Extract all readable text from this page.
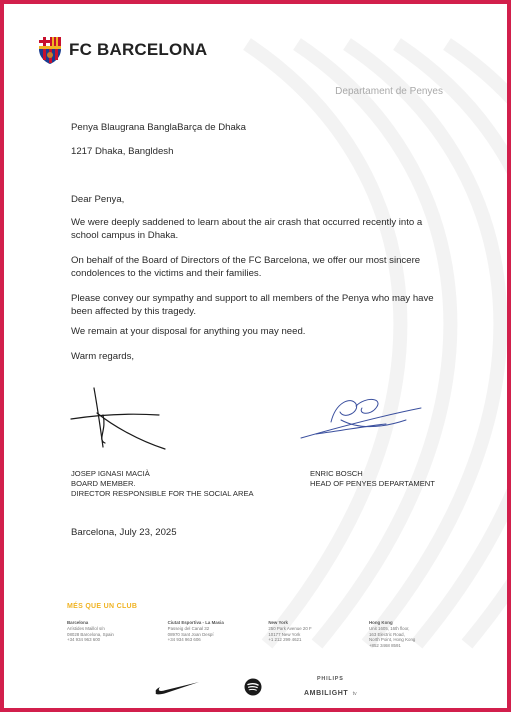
FC BARCELONA
Departament de Penyes
Penya Blaugrana BanglaBarça de Dhaka
1217 Dhaka, Bangldesh
Dear Penya,
We were deeply saddened to learn about the air crash that occurred recently into a school campus in Dhaka.
On behalf of the Board of Directors of the FC Barcelona, we offer our most sincere condolences to the victims and their families.
Please convey our sympathy and support to all members of the Penya who may have been affected by this tragedy.
We remain at your disposal for anything you may need.
Warm regards,
JOSEP IGNASI MACIÀ
BOARD MEMBER.
DIRECTOR RESPONSIBLE FOR THE SOCIAL AREA
ENRIC BOSCH
HEAD OF PENYES DEPARTAMENT
Barcelona, July 23, 2025
MÉS QUE UN CLUB
Barcelona
Arístides Maillol s/n
08028 Barcelona, Spain
+34 934 963 600
Ciutat Esportiva - La Masia
Passeig del Canal 32
08970 Sant Joan Despí
+34 934 963 606
New York
250 Park Avenue 20 F
10177 New York
+1 212 299 4621
Hong Kong
Unit 1605, 16th floor,
163 Electric Road,
North Point, Hong Kong
+852 3468 8591
PHILIPS
AMBILIGHT tv
